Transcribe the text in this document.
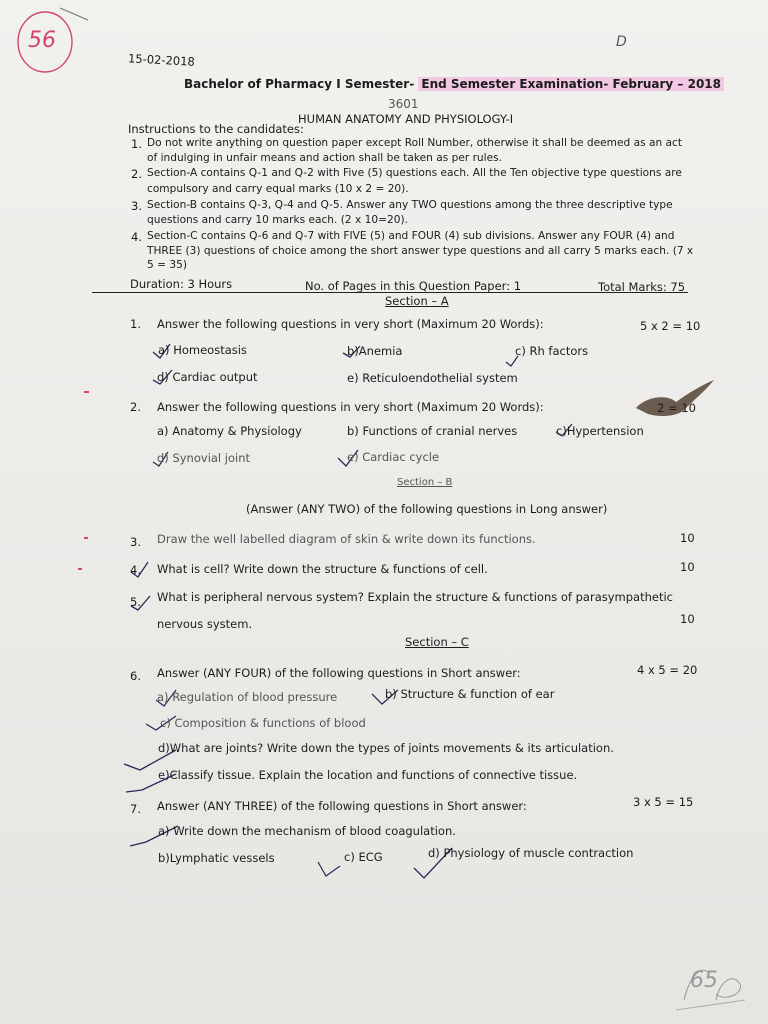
56
15-02-2018
D
Bachelor of Pharmacy I Semester- End Semester Examination- February – 2018
3601
HUMAN ANATOMY AND PHYSIOLOGY-I
Instructions to the candidates:
1. Do not write anything on question paper except Roll Number, otherwise it shall be deemed as an act
of indulging in unfair means and action shall be taken as per rules.
2. Section-A contains Q-1 and Q-2 with Five (5) questions each. All the Ten objective type questions are
compulsory and carry equal marks (10 x 2 = 20).
3. Section-B contains Q-3, Q-4 and Q-5. Answer any TWO questions among the three descriptive type
questions and carry 10 marks each. (2 x 10=20).
4. Section-C contains Q-6 and Q-7 with FIVE (5) and FOUR (4) sub divisions. Answer any FOUR (4) and
THREE (3) questions of choice among the short answer type questions and all carry 5 marks each. (7 x
5 = 35)
Duration: 3 Hours	No. of Pages in this Question Paper: 1	Total Marks: 75
Section – A
1. Answer the following questions in very short (Maximum 20 Words):	5 x 2 = 10
a) Homeostasis	b)Anemia	c) Rh factors
d) Cardiac output	e) Reticuloendothelial system
2. Answer the following questions in very short (Maximum 20 Words):	2 = 10
a) Anatomy & Physiology	b) Functions of cranial nerves	c)Hypertension
d) Synovial joint	e) Cardiac cycle
Section – B
(Answer (ANY TWO) of the following questions in Long answer)
3. Draw the well labelled diagram of skin & write down its functions.	10
4. What is cell? Write down the structure & functions of cell.	10
5. What is peripheral nervous system? Explain the structure & functions of parasympathetic
nervous system.	10
Section – C
6. Answer (ANY FOUR) of the following questions in Short answer:	4 x 5 = 20
a) Regulation of blood pressure	b) Structure & function of ear
c) Composition & functions of blood
d)What are joints? Write down the types of joints movements & its articulation.
e)Classify tissue. Explain the location and functions of connective tissue.
7. Answer (ANY THREE) of the following questions in Short answer:	3 x 5 = 15
a) Write down the mechanism of blood coagulation.
b)Lymphatic vessels	c) ECG	d) Physiology of muscle contraction
65
